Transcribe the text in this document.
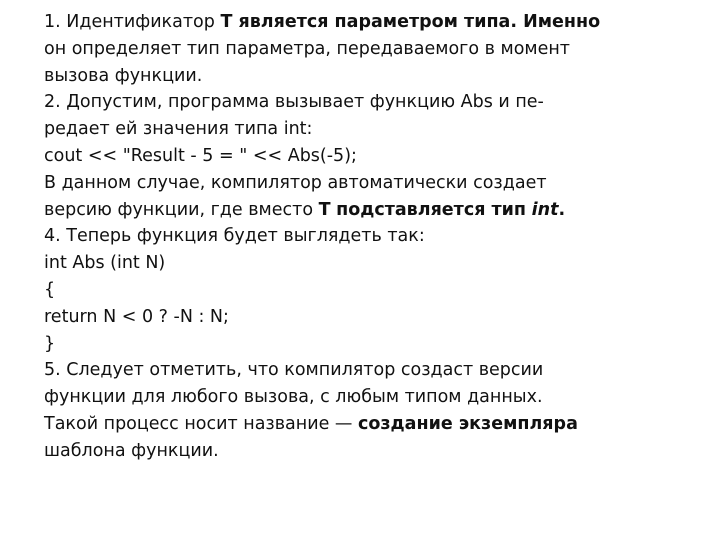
1. Идентификатор Т является параметром типа. Именно
он определяет тип параметра, передаваемого в момент
вызова функции.
2. Допустим, программа вызывает функцию Abs и пе-
редает ей значения типа int:
cout << "Result - 5 = " << Abs(-5);
В данном случае, компилятор автоматически создает
версию функции, где вместо Т подставляется тип int.
4. Теперь функция будет выглядеть так:
int Abs (int N)
{
return N < 0 ? -N : N;
}
5. Следует отметить, что компилятор создаст версии
функции для любого вызова, с любым типом данных.
Такой процесс носит название — создание экземпляра
шаблона функции.
